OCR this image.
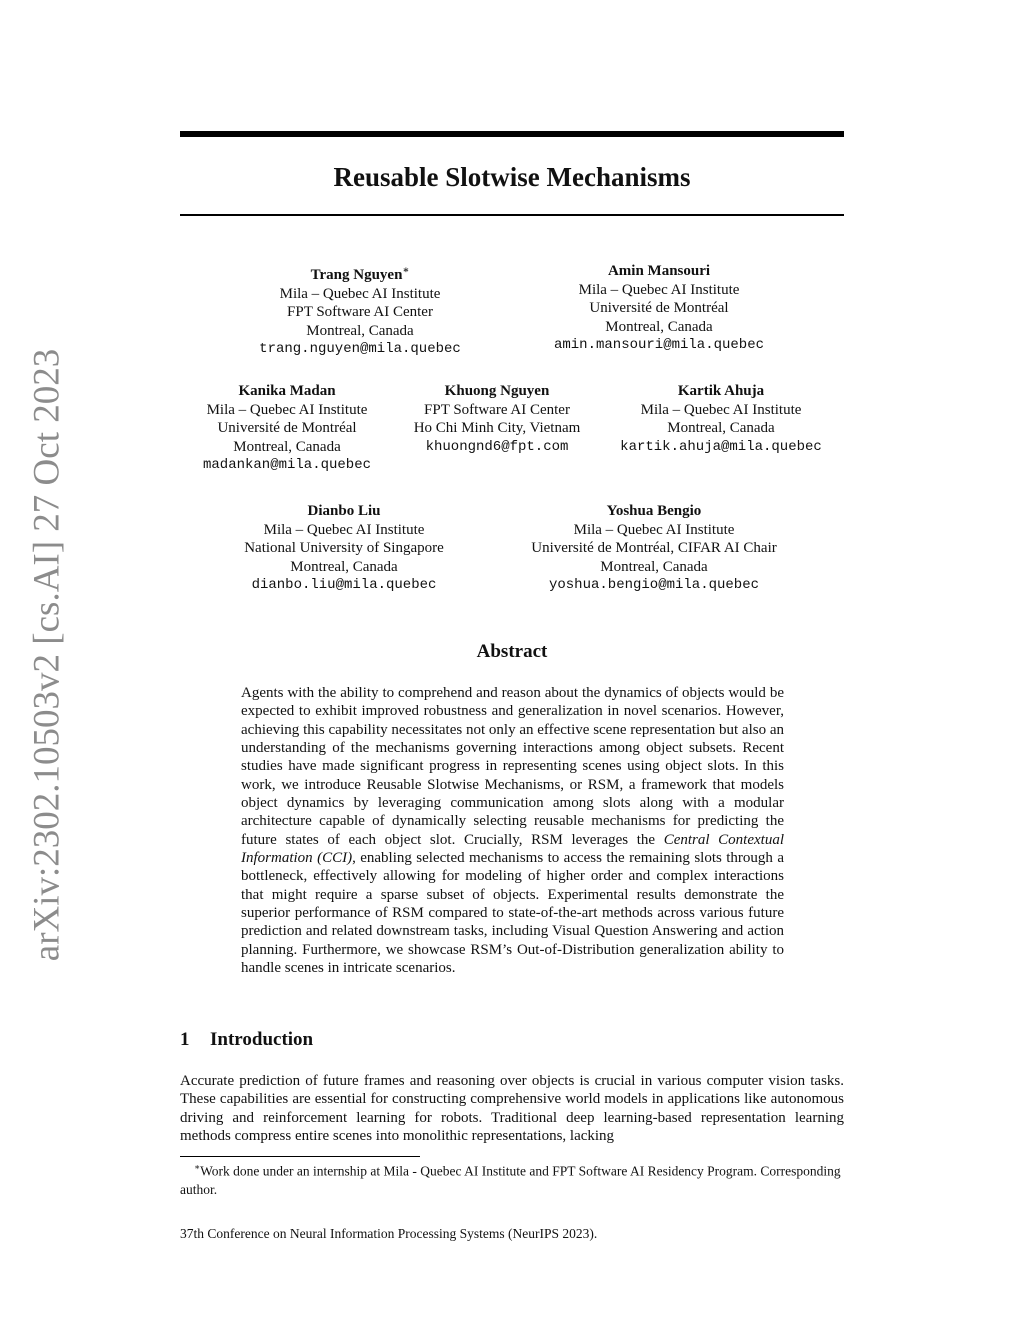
arXiv:2302.10503v2 [cs.AI] 27 Oct 2023
Reusable Slotwise Mechanisms
Trang Nguyen∗
Mila – Quebec AI Institute
FPT Software AI Center
Montreal, Canada
trang.nguyen@mila.quebec
Amin Mansouri
Mila – Quebec AI Institute
Université de Montréal
Montreal, Canada
amin.mansouri@mila.quebec
Kanika Madan
Mila – Quebec AI Institute
Université de Montréal
Montreal, Canada
madankan@mila.quebec
Khuong Nguyen
FPT Software AI Center
Ho Chi Minh City, Vietnam
khuongnd6@fpt.com
Kartik Ahuja
Mila – Quebec AI Institute
Montreal, Canada
kartik.ahuja@mila.quebec
Dianbo Liu
Mila – Quebec AI Institute
National University of Singapore
Montreal, Canada
dianbo.liu@mila.quebec
Yoshua Bengio
Mila – Quebec AI Institute
Université de Montréal, CIFAR AI Chair
Montreal, Canada
yoshua.bengio@mila.quebec
Abstract
Agents with the ability to comprehend and reason about the dynamics of objects would be expected to exhibit improved robustness and generalization in novel scenarios. However, achieving this capability necessitates not only an effective scene representation but also an understanding of the mechanisms governing interactions among object subsets. Recent studies have made significant progress in representing scenes using object slots. In this work, we introduce Reusable Slotwise Mechanisms, or RSM, a framework that models object dynamics by leveraging communication among slots along with a modular architecture capable of dynamically selecting reusable mechanisms for predicting the future states of each object slot. Crucially, RSM leverages the Central Contextual Information (CCI), enabling selected mechanisms to access the remaining slots through a bottleneck, effectively allowing for modeling of higher order and complex interactions that might require a sparse subset of objects. Experimental results demonstrate the superior performance of RSM compared to state-of-the-art methods across various future prediction and related downstream tasks, including Visual Question Answering and action planning. Furthermore, we showcase RSM’s Out-of-Distribution generalization ability to handle scenes in intricate scenarios.
1 Introduction
Accurate prediction of future frames and reasoning over objects is crucial in various computer vision tasks. These capabilities are essential for constructing comprehensive world models in applications like autonomous driving and reinforcement learning for robots. Traditional deep learning-based representation learning methods compress entire scenes into monolithic representations, lacking
∗Work done under an internship at Mila - Quebec AI Institute and FPT Software AI Residency Program. Corresponding author.
37th Conference on Neural Information Processing Systems (NeurIPS 2023).
